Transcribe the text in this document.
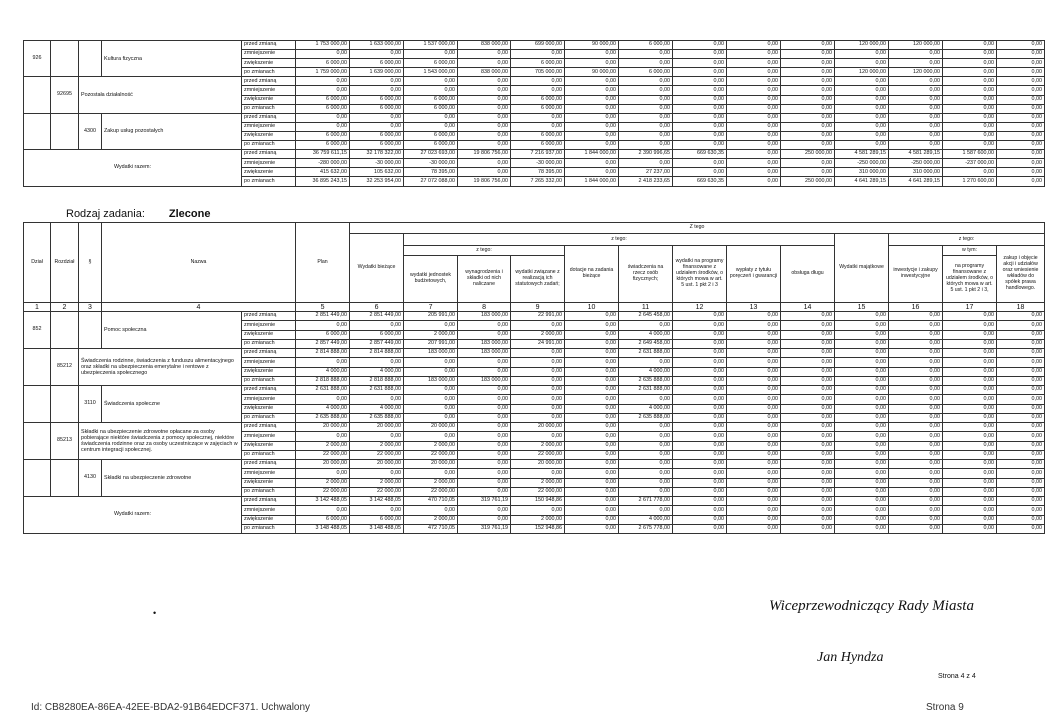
926			Kultura fizyczna	przed zmianą	1 753 000,00	1 633 000,00	1 537 000,00	838 000,00	699 000,00	90 000,00	6 000,00	0,00	0,00	0,00	120 000,00	120 000,00	0,00	0,00
				zmniejszenie	0,00	0,00	0,00	0,00	0,00	0,00	0,00	0,00	0,00	0,00	0,00	0,00	0,00	0,00
				zwiększenie	6 000,00	6 000,00	6 000,00	0,00	6 000,00	0,00	0,00	0,00	0,00	0,00	0,00	0,00	0,00	0,00
				po zmianach	1 759 000,00	1 639 000,00	1 543 000,00	838 000,00	705 000,00	90 000,00	6 000,00	0,00	0,00	0,00	120 000,00	120 000,00	0,00	0,00
	92695	Pozostała działalność		przed zmianą	0,00	0,00	0,00	0,00	0,00	0,00	0,00	0,00	0,00	0,00	0,00	0,00	0,00	0,00
				zmniejszenie	0,00	0,00	0,00	0,00	0,00	0,00	0,00	0,00	0,00	0,00	0,00	0,00	0,00	0,00
				zwiększenie	6 000,00	6 000,00	6 000,00	0,00	6 000,00	0,00	0,00	0,00	0,00	0,00	0,00	0,00	0,00	0,00
				po zmianach	6 000,00	6 000,00	6 000,00	0,00	6 000,00	0,00	0,00	0,00	0,00	0,00	0,00	0,00	0,00	0,00
		4300	Zakup usług pozostałych	przed zmianą	0,00	0,00	0,00	0,00	0,00	0,00	0,00	0,00	0,00	0,00	0,00	0,00	0,00	0,00
				zmniejszenie	0,00	0,00	0,00	0,00	0,00	0,00	0,00	0,00	0,00	0,00	0,00	0,00	0,00	0,00
				zwiększenie	6 000,00	6 000,00	6 000,00	0,00	6 000,00	0,00	0,00	0,00	0,00	0,00	0,00	0,00	0,00	0,00
				po zmianach	6 000,00	6 000,00	6 000,00	0,00	6 000,00	0,00	0,00	0,00	0,00	0,00	0,00	0,00	0,00	0,00
Wydatki razem:				przed zmianą	36 759 611,15	32 178 322,00	27 023 693,00	19 806 756,00	7 216 937,00	1 844 000,00	2 390 996,65	669 630,35	0,00	250 000,00	4 581 289,15	4 581 289,15	1 587 600,00	0,00
				zmniejszenie	-280 000,00	-30 000,00	-30 000,00	0,00	-30 000,00	0,00	0,00	0,00	0,00	0,00	-250 000,00	-250 000,00	-237 000,00	0,00
				zwiększenie	415 632,00	105 632,00	78 395,00	0,00	78 395,00	0,00	27 237,00	0,00	0,00	0,00	310 000,00	310 000,00	0,00	0,00
				po zmianach	36 895 243,15	32 253 954,00	27 072 088,00	19 806 756,00	7 265 332,00	1 844 000,00	2 418 233,65	669 630,35	0,00	250 000,00	4 641 289,15	4 641 289,15	1 270 600,00	0,00
Rodzaj zadania: Zlecone
Dział	Rozdział	§	Nazwa		Plan	Z tego												
						Wydatki bieżące	z tego:								Wydatki majątkowe	z tego:		
							z tego:			dotacje na zadania bieżące	świadczenia na rzecz osób fizycznych;	wydatki na programy finansowane z udziałem środków, o których mowa w art. 5 ust. 1 pkt 2 i 3	wypłaty z tytułu poręczeń i gwarancji	obsługa długu		inwestycje i zakupy inwestycyjne	w tym:	zakup i objęcie akcji i udziałów oraz wniesienie wkładów do spółek prawa handlowego.
							wydatki jednostek budżetowych,	wynagrodzenia i składki od nich naliczane	wydatki związane z realizacją ich statutowych zadań;								na programy finansowane z udziałem środków, o których mowa w art. 5 ust. 1 pkt 2 i 3,	
1	2	3	4		5	6	7	8	9	10	11	12	13	14	15	16	17	18
852			Pomoc społeczna	przed zmianą	2 851 449,00	2 851 449,00	205 991,00	183 000,00	22 991,00	0,00	2 645 458,00	0,00	0,00	0,00	0,00	0,00	0,00	0,00
				zmniejszenie	0,00	0,00	0,00	0,00	0,00	0,00	0,00	0,00	0,00	0,00	0,00	0,00	0,00	0,00
				zwiększenie	6 000,00	6 000,00	2 000,00	0,00	2 000,00	0,00	4 000,00	0,00	0,00	0,00	0,00	0,00	0,00	0,00
				po zmianach	2 857 449,00	2 857 449,00	207 991,00	183 000,00	24 991,00	0,00	2 649 458,00	0,00	0,00	0,00	0,00	0,00	0,00	0,00
	85212	Świadczenia rodzinne, świadczenia z funduszu alimentacyjnego oraz składki na ubezpieczenia emerytalne i rentowe z ubezpieczenia społecznego		przed zmianą	2 814 888,00	2 814 888,00	183 000,00	183 000,00	0,00	0,00	2 631 888,00	0,00	0,00	0,00	0,00	0,00	0,00	0,00
				zmniejszenie	0,00	0,00	0,00	0,00	0,00	0,00	0,00	0,00	0,00	0,00	0,00	0,00	0,00	0,00
				zwiększenie	4 000,00	4 000,00	0,00	0,00	0,00	0,00	4 000,00	0,00	0,00	0,00	0,00	0,00	0,00	0,00
				po zmianach	2 818 888,00	2 818 888,00	183 000,00	183 000,00	0,00	0,00	2 635 888,00	0,00	0,00	0,00	0,00	0,00	0,00	0,00
		3110	Świadczenia społeczne	przed zmianą	2 631 888,00	2 631 888,00	0,00	0,00	0,00	0,00	2 631 888,00	0,00	0,00	0,00	0,00	0,00	0,00	0,00
				zmniejszenie	0,00	0,00	0,00	0,00	0,00	0,00	0,00	0,00	0,00	0,00	0,00	0,00	0,00	0,00
				zwiększenie	4 000,00	4 000,00	0,00	0,00	0,00	0,00	4 000,00	0,00	0,00	0,00	0,00	0,00	0,00	0,00
				po zmianach	2 635 888,00	2 635 888,00	0,00	0,00	0,00	0,00	2 635 888,00	0,00	0,00	0,00	0,00	0,00	0,00	0,00
	85213	Składki na ubezpieczenie zdrowotne opłacane za osoby pobierające niektóre świadczenia z pomocy społecznej, niektóre świadczenia rodzinne oraz za osoby uczestniczące w zajęciach w centrum integracji społecznej.		przed zmianą	20 000,00	20 000,00	20 000,00	0,00	20 000,00	0,00	0,00	0,00	0,00	0,00	0,00	0,00	0,00	0,00
				zmniejszenie	0,00	0,00	0,00	0,00	0,00	0,00	0,00	0,00	0,00	0,00	0,00	0,00	0,00	0,00
				zwiększenie	2 000,00	2 000,00	2 000,00	0,00	2 000,00	0,00	0,00	0,00	0,00	0,00	0,00	0,00	0,00	0,00
				po zmianach	22 000,00	22 000,00	22 000,00	0,00	22 000,00	0,00	0,00	0,00	0,00	0,00	0,00	0,00	0,00	0,00
		4130	Składki na ubezpieczenie zdrowotne	przed zmianą	20 000,00	20 000,00	20 000,00	0,00	20 000,00	0,00	0,00	0,00	0,00	0,00	0,00	0,00	0,00	0,00
				zmniejszenie	0,00	0,00	0,00	0,00	0,00	0,00	0,00	0,00	0,00	0,00	0,00	0,00	0,00	0,00
				zwiększenie	2 000,00	2 000,00	2 000,00	0,00	2 000,00	0,00	0,00	0,00	0,00	0,00	0,00	0,00	0,00	0,00
				po zmianach	22 000,00	22 000,00	22 000,00	0,00	22 000,00	0,00	0,00	0,00	0,00	0,00	0,00	0,00	0,00	0,00
Wydatki razem:				przed zmianą	3 142 488,05	3 142 488,05	470 710,05	319 761,19	150 948,86	0,00	2 671 778,00	0,00	0,00	0,00	0,00	0,00	0,00	0,00
				zmniejszenie	0,00	0,00	0,00	0,00	0,00	0,00	0,00	0,00	0,00	0,00	0,00	0,00	0,00	0,00
				zwiększenie	6 000,00	6 000,00	2 000,00	0,00	2 000,00	0,00	4 000,00	0,00	0,00	0,00	0,00	0,00	0,00	0,00
				po zmianach	3 148 488,05	3 148 488,05	472 710,05	319 761,19	152 948,86	0,00	2 675 778,00	0,00	0,00	0,00	0,00	0,00	0,00	0,00
•	Wiceprzewodniczący Rady Miasta
Jan Hyndza
Strona 4 z 4
Id: CB8280EA-86EA-42EE-BDA2-91B64EDCF371. Uchwalony	Strona 9
